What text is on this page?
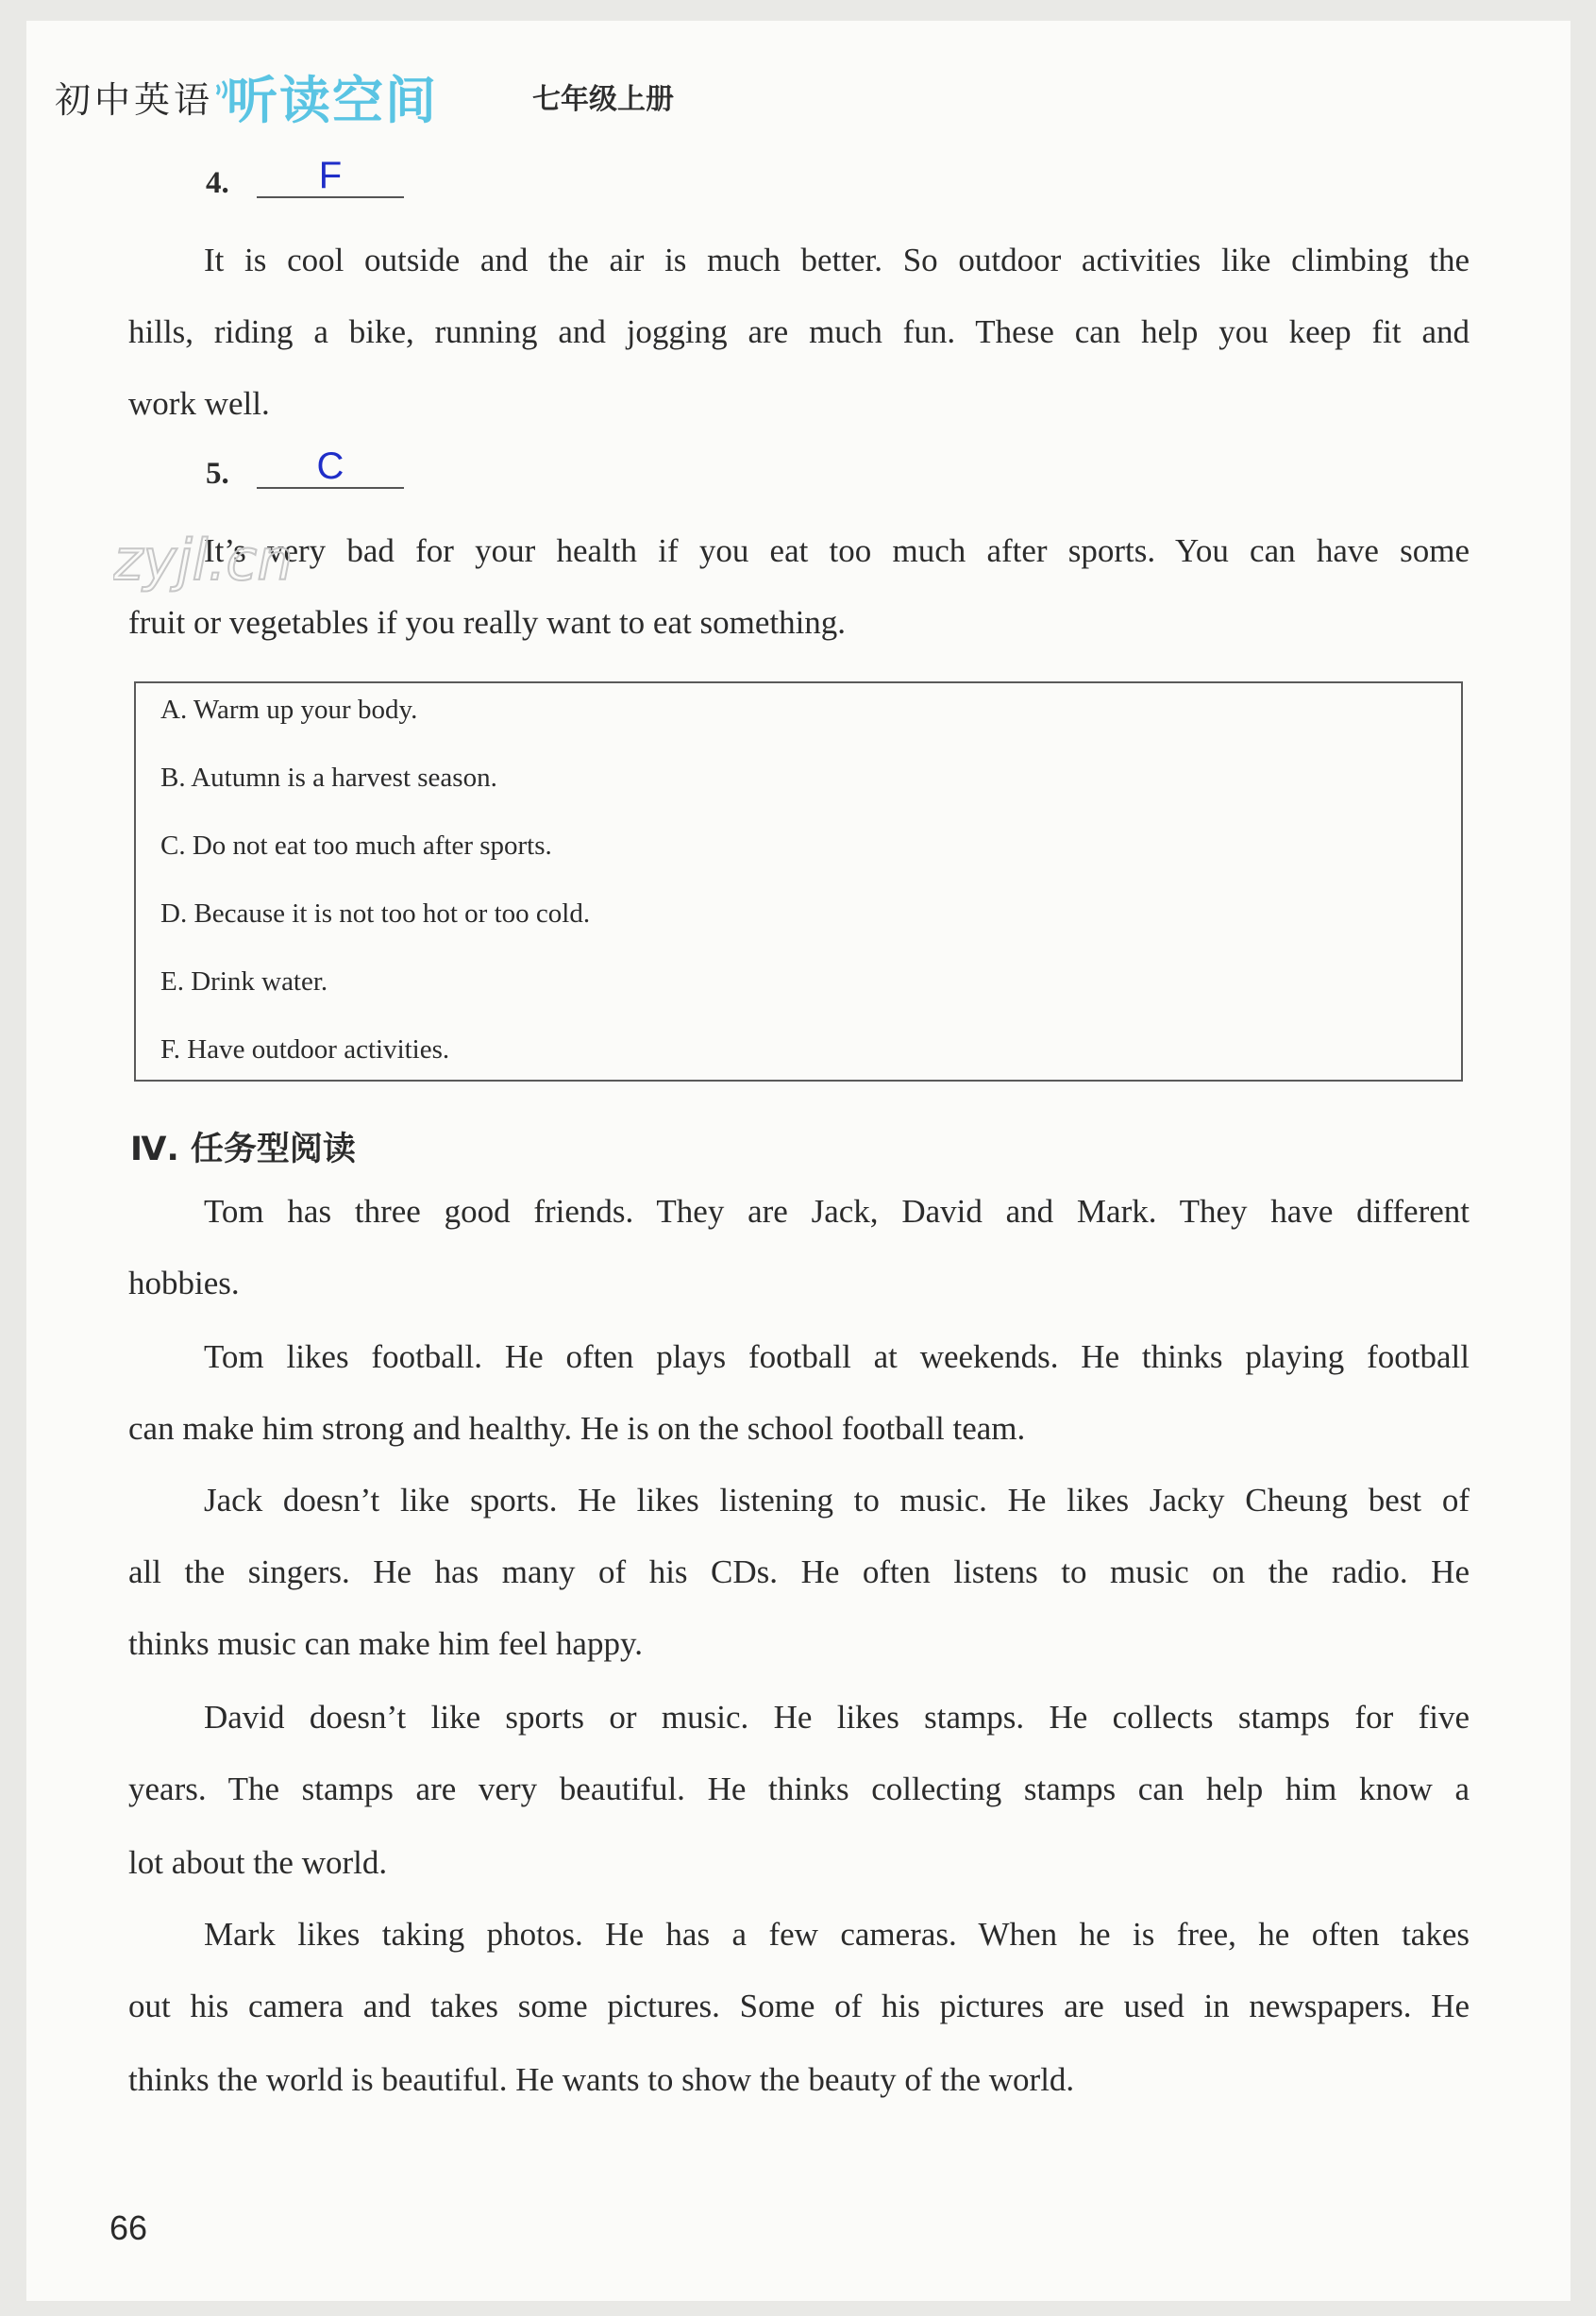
初中英语 听读空间	七年级上册
4.	F
It is cool outside and the air is much better. So outdoor activities like climbing the
hills, riding a bike, running and jogging are much fun. These can help you keep fit and
work well.
5.	C
It’s very bad for your health if you eat too much after sports. You can have some
fruit or vegetables if you really want to eat something.
zyjl.cn
A. Warm up your body.
B. Autumn is a harvest season.
C. Do not eat too much after sports.
D. Because it is not too hot or too cold.
E. Drink water.
F. Have outdoor activities.
Ⅳ. 任务型阅读
Tom has three good friends. They are Jack, David and Mark. They have different
hobbies.
Tom likes football. He often plays football at weekends. He thinks playing football
can make him strong and healthy. He is on the school football team.
Jack doesn’t like sports. He likes listening to music. He likes Jacky Cheung best of
all the singers. He has many of his CDs. He often listens to music on the radio. He
thinks music can make him feel happy.
David doesn’t like sports or music. He likes stamps. He collects stamps for five
years. The stamps are very beautiful. He thinks collecting stamps can help him know a
lot about the world.
Mark likes taking photos. He has a few cameras. When he is free, he often takes
out his camera and takes some pictures. Some of his pictures are used in newspapers. He
thinks the world is beautiful. He wants to show the beauty of the world.
66
